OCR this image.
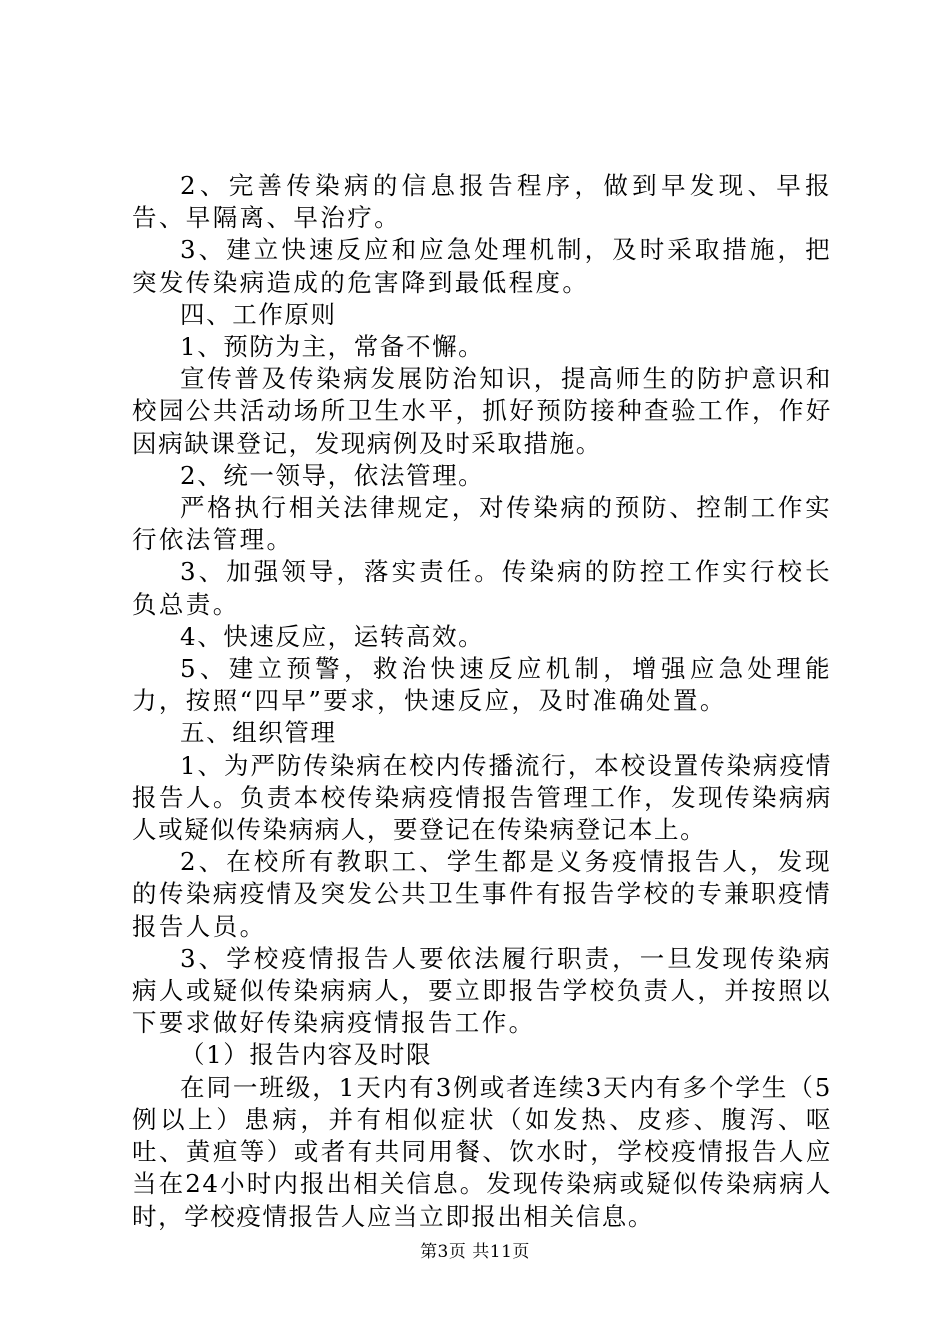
2、完善传染病的信息报告程序，做到早发现、早报告、早隔离、早治疗。

3、建立快速反应和应急处理机制，及时采取措施，把突发传染病造成的危害降到最低程度。

四、工作原则

1、预防为主，常备不懈。

宣传普及传染病发展防治知识，提高师生的防护意识和校园公共活动场所卫生水平，抓好预防接种查验工作，作好因病缺课登记，发现病例及时采取措施。

2、统一领导，依法管理。

严格执行相关法律规定，对传染病的预防、控制工作实行依法管理。

3、加强领导，落实责任。传染病的防控工作实行校长负总责。

4、快速反应，运转高效。

5、建立预警，救治快速反应机制，增强应急处理能力，按照“四早”要求，快速反应，及时准确处置。

五、组织管理

1、为严防传染病在校内传播流行，本校设置传染病疫情报告人。负责本校传染病疫情报告管理工作，发现传染病病人或疑似传染病病人，要登记在传染病登记本上。

2、在校所有教职工、学生都是义务疫情报告人，发现的传染病疫情及突发公共卫生事件有报告学校的专兼职疫情报告人员。

3、学校疫情报告人要依法履行职责，一旦发现传染病病人或疑似传染病病人，要立即报告学校负责人，并按照以下要求做好传染病疫情报告工作。

（1）报告内容及时限

在同一班级，1天内有3例或者连续3天内有多个学生（5例以上）患病，并有相似症状（如发热、皮疹、腹泻、呕吐、黄疸等）或者有共同用餐、饮水时，学校疫情报告人应当在24小时内报出相关信息。发现传染病或疑似传染病病人时，学校疫情报告人应当立即报出相关信息。

第3页 共11页
